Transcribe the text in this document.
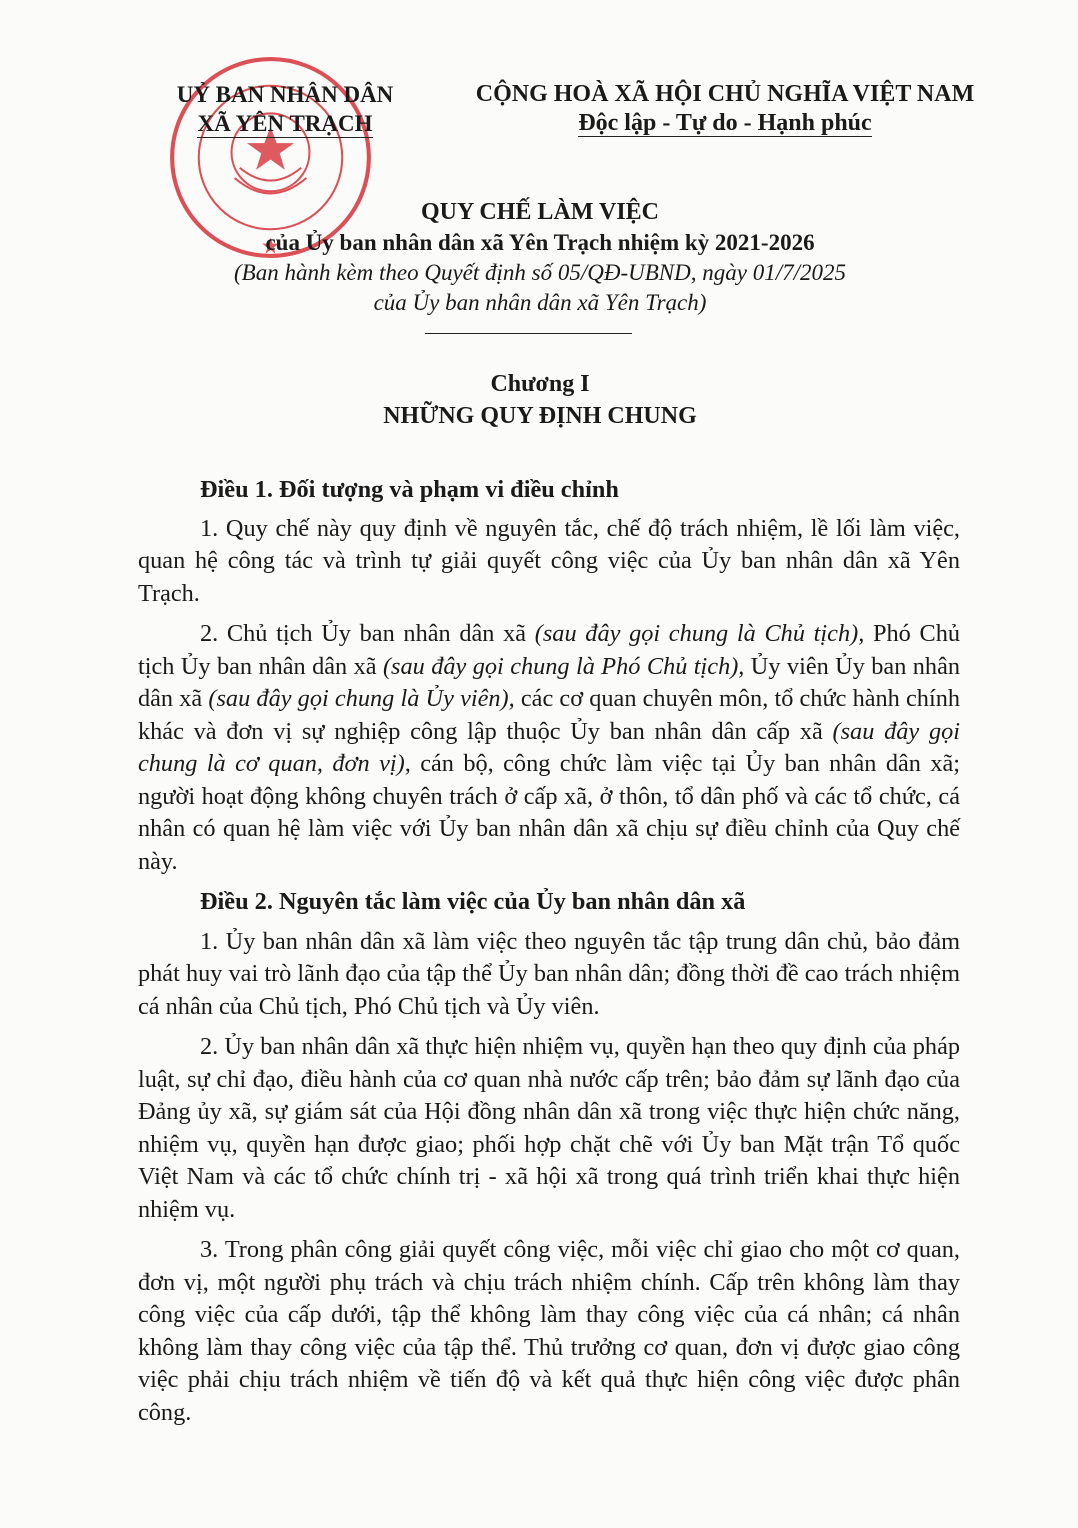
UỶ BAN NHÂN DÂN
XÃ YÊN TRẠCH
CỘNG HOÀ XÃ HỘI CHỦ NGHĨA VIỆT NAM
Độc lập - Tự do - Hạnh phúc
QUY CHẾ LÀM VIỆC
của Ủy ban nhân dân xã Yên Trạch nhiệm kỳ 2021-2026
(Ban hành kèm theo Quyết định số 05/QĐ-UBND, ngày 01/7/2025
của Ủy ban nhân dân xã Yên Trạch)
Chương I
NHỮNG QUY ĐỊNH CHUNG

Điều 1. Đối tượng và phạm vi điều chỉnh

1. Quy chế này quy định về nguyên tắc, chế độ trách nhiệm, lề lối làm việc, quan hệ công tác và trình tự giải quyết công việc của Ủy ban nhân dân xã Yên Trạch.

2. Chủ tịch Ủy ban nhân dân xã (sau đây gọi chung là Chủ tịch), Phó Chủ tịch Ủy ban nhân dân xã (sau đây gọi chung là Phó Chủ tịch), Ủy viên Ủy ban nhân dân xã (sau đây gọi chung là Ủy viên), các cơ quan chuyên môn, tổ chức hành chính khác và đơn vị sự nghiệp công lập thuộc Ủy ban nhân dân cấp xã (sau đây gọi chung là cơ quan, đơn vị), cán bộ, công chức làm việc tại Ủy ban nhân dân xã; người hoạt động không chuyên trách ở cấp xã, ở thôn, tổ dân phố và các tổ chức, cá nhân có quan hệ làm việc với Ủy ban nhân dân xã chịu sự điều chỉnh của Quy chế này.

Điều 2. Nguyên tắc làm việc của Ủy ban nhân dân xã

1. Ủy ban nhân dân xã làm việc theo nguyên tắc tập trung dân chủ, bảo đảm phát huy vai trò lãnh đạo của tập thể Ủy ban nhân dân; đồng thời đề cao trách nhiệm cá nhân của Chủ tịch, Phó Chủ tịch và Ủy viên.

2. Ủy ban nhân dân xã thực hiện nhiệm vụ, quyền hạn theo quy định của pháp luật, sự chỉ đạo, điều hành của cơ quan nhà nước cấp trên; bảo đảm sự lãnh đạo của Đảng ủy xã, sự giám sát của Hội đồng nhân dân xã trong việc thực hiện chức năng, nhiệm vụ, quyền hạn được giao; phối hợp chặt chẽ với Ủy ban Mặt trận Tổ quốc Việt Nam và các tổ chức chính trị - xã hội xã trong quá trình triển khai thực hiện nhiệm vụ.

3. Trong phân công giải quyết công việc, mỗi việc chỉ giao cho một cơ quan, đơn vị, một người phụ trách và chịu trách nhiệm chính. Cấp trên không làm thay công việc của cấp dưới, tập thể không làm thay công việc của cá nhân; cá nhân không làm thay công việc của tập thể. Thủ trưởng cơ quan, đơn vị được giao công việc phải chịu trách nhiệm về tiến độ và kết quả thực hiện công việc được phân công.
